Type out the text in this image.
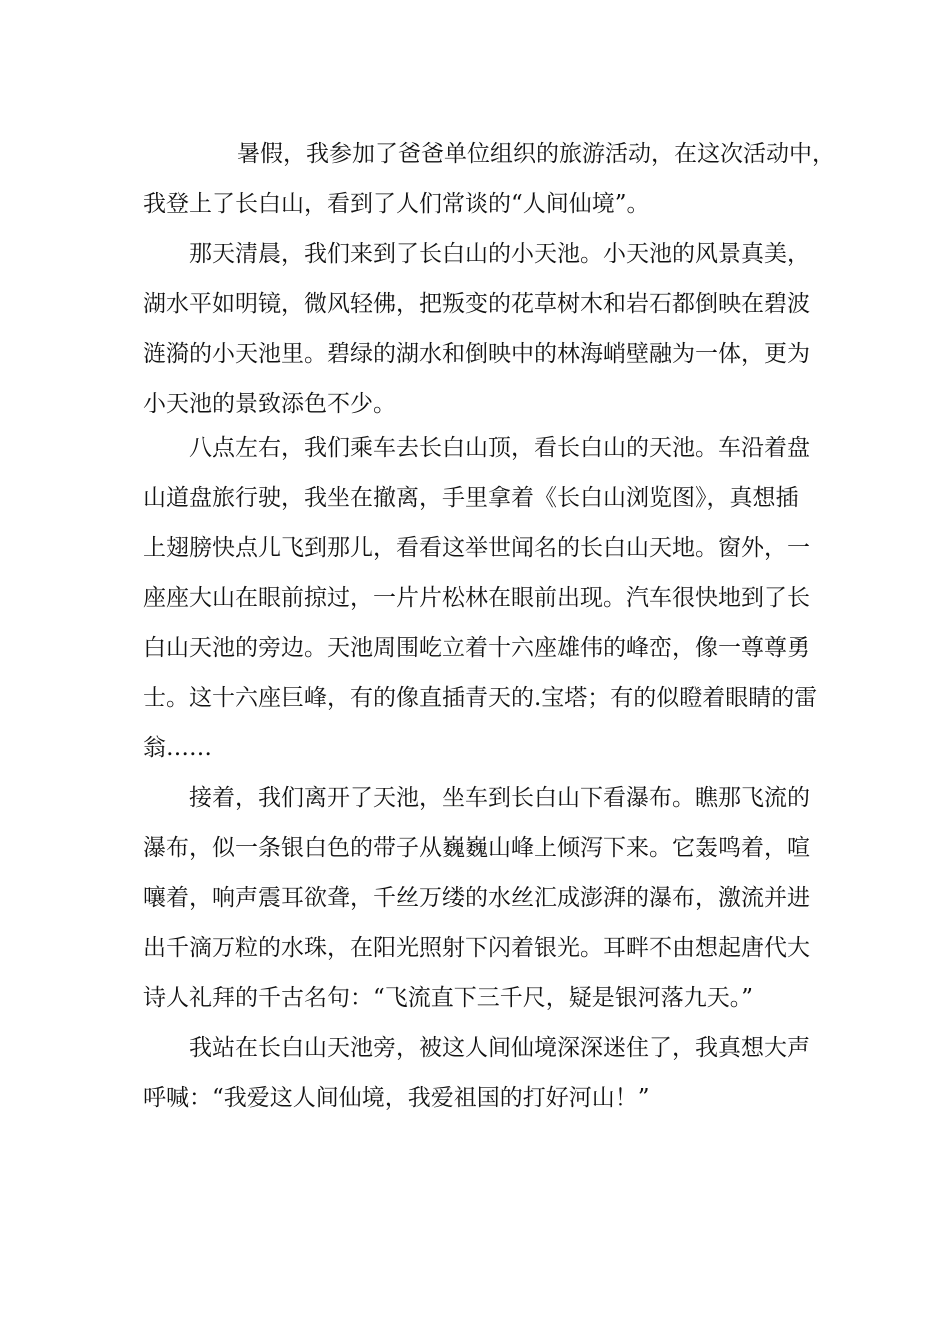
暑假，我参加了爸爸单位组织的旅游活动，在这次活动中，
我登上了长白山，看到了人们常谈的“人间仙境”。
那天清晨，我们来到了长白山的小天池。小天池的风景真美，
湖水平如明镜，微风轻佛，把叛变的花草树木和岩石都倒映在碧波
涟漪的小天池里。碧绿的湖水和倒映中的林海峭壁融为一体，更为
小天池的景致添色不少。
八点左右，我们乘车去长白山顶，看长白山的天池。车沿着盘
山道盘旅行驶，我坐在撤离，手里拿着《长白山浏览图》，真想插
上翅膀快点儿飞到那儿，看看这举世闻名的长白山天地。窗外，一
座座大山在眼前掠过，一片片松林在眼前出现。汽车很快地到了长
白山天池的旁边。天池周围屹立着十六座雄伟的峰峦，像一尊尊勇
士。这十六座巨峰，有的像直插青天的.宝塔；有的似瞪着眼睛的雷
翁……
接着，我们离开了天池，坐车到长白山下看瀑布。瞧那飞流的
瀑布，似一条银白色的带子从巍巍山峰上倾泻下来。它轰鸣着，喧
嚷着，响声震耳欲聋，千丝万缕的水丝汇成澎湃的瀑布，激流并进
出千滴万粒的水珠，在阳光照射下闪着银光。耳畔不由想起唐代大
诗人礼拜的千古名句：“飞流直下三千尺，疑是银河落九天。”
我站在长白山天池旁，被这人间仙境深深迷住了，我真想大声
呼喊：“我爱这人间仙境，我爱祖国的打好河山！”
